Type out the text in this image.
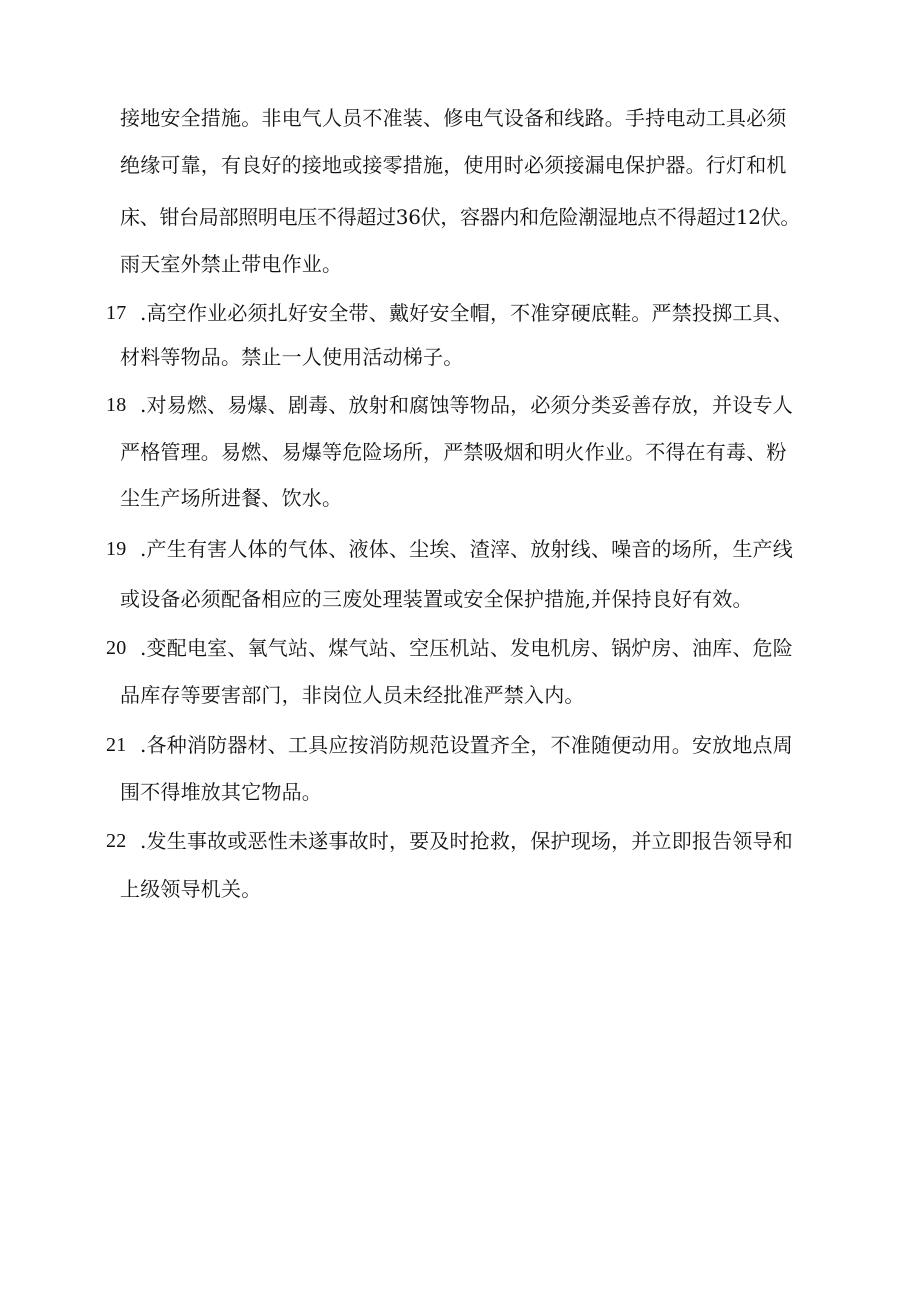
接地安全措施。非电气人员不准装、修电气设备和线路。手持电动工具必须
绝缘可靠，有良好的接地或接零措施，使用时必须接漏电保护器。行灯和机
床、钳台局部照明电压不得超过36伏，容器内和危险潮湿地点不得超过12伏。
雨天室外禁止带电作业。
17 .高空作业必须扎好安全带、戴好安全帽，不准穿硬底鞋。严禁投掷工具、
材料等物品。禁止一人使用活动梯子。
18 .对易燃、易爆、剧毒、放射和腐蚀等物品，必须分类妥善存放，并设专人
严格管理。易燃、易爆等危险场所，严禁吸烟和明火作业。不得在有毒、粉
尘生产场所进餐、饮水。
19 .产生有害人体的气体、液体、尘埃、渣滓、放射线、噪音的场所，生产线
或设备必须配备相应的三废处理装置或安全保护措施,并保持良好有效。
20 .变配电室、氧气站、煤气站、空压机站、发电机房、锅炉房、油库、危险
品库存等要害部门，非岗位人员未经批准严禁入内。
21 .各种消防器材、工具应按消防规范设置齐全，不准随便动用。安放地点周
围不得堆放其它物品。
22 .发生事故或恶性未遂事故时，要及时抢救，保护现场，并立即报告领导和
上级领导机关。
